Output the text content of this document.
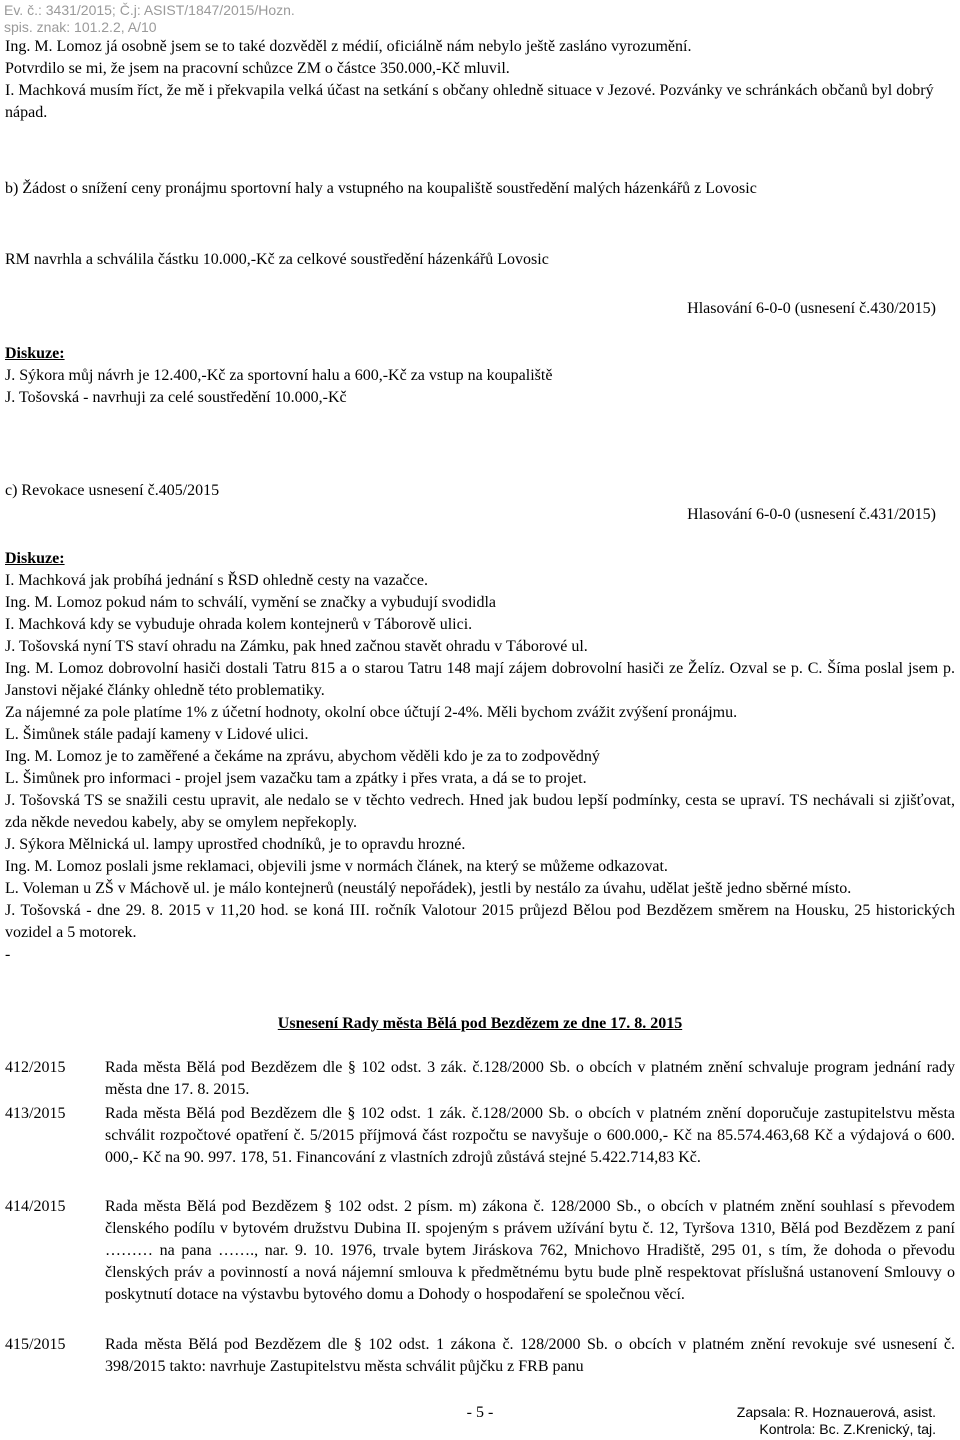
Ev. č.: 3431/2015; Č.j: ASIST/1847/2015/Hozn.
spis. znak: 101.2.2, A/10

Ing. M. Lomoz já osobně jsem se to také dozvěděl z médií, oficiálně nám nebylo ještě zasláno vyrozumění.

Potvrdilo se mi, že jsem na pracovní schůzce ZM o částce 350.000,-Kč mluvil.

I. Machková musím říct, že mě i překvapila velká účast na setkání s občany ohledně situace v Jezové. Pozvánky ve schránkách občanů byl dobrý nápad.

b) Žádost o snížení ceny pronájmu sportovní haly a vstupného na koupaliště soustředění malých házenkářů z Lovosic

RM navrhla a schválila částku 10.000,-Kč za celkové soustředění házenkářů Lovosic

Hlasování 6-0-0 (usnesení č.430/2015)

Diskuze:

J. Sýkora můj návrh je 12.400,-Kč za sportovní halu a 600,-Kč za vstup na koupaliště

J. Tošovská - navrhuji za celé soustředění 10.000,-Kč

c) Revokace usnesení č.405/2015

Hlasování 6-0-0 (usnesení č.431/2015)

Diskuze:

I. Machková jak probíhá jednání s ŘSD ohledně cesty na vazačce.

Ing. M. Lomoz pokud nám to schválí, vymění se značky a vybudují svodidla

I. Machková kdy se vybuduje ohrada kolem kontejnerů v Táborově ulici.

J. Tošovská nyní TS staví ohradu na Zámku, pak hned začnou stavět ohradu v Táborové ul.

Ing. M. Lomoz dobrovolní hasiči dostali Tatru 815 a o starou Tatru 148 mají zájem dobrovolní hasiči ze Želíz. Ozval se p. C. Šíma poslal jsem p. Janstovi nějaké články ohledně této problematiky.

Za nájemné za pole platíme 1% z účetní hodnoty, okolní obce účtují 2-4%. Měli bychom zvážit zvýšení pronájmu.

L. Šimůnek stále padají kameny v Lidové ulici.

Ing. M. Lomoz je to zaměřené a čekáme na zprávu, abychom věděli kdo je za to zodpovědný

L. Šimůnek pro informaci - projel jsem vazačku tam a zpátky i přes vrata, a dá se to projet.

J. Tošovská TS se snažili cestu upravit, ale nedalo se v těchto vedrech. Hned jak budou lepší podmínky, cesta se upraví. TS nechávali si zjišťovat, zda někde nevedou kabely, aby se omylem nepřekoply.

J. Sýkora Mělnická ul. lampy uprostřed chodníků, je to opravdu hrozné.

Ing. M. Lomoz poslali jsme reklamaci, objevili jsme v normách článek, na který se můžeme odkazovat.

L. Voleman u ZŠ v Máchově ul. je málo kontejnerů (neustálý nepořádek), jestli by nestálo za úvahu, udělat ještě jedno sběrné místo.

J. Tošovská - dne 29. 8. 2015 v 11,20 hod. se koná III. ročník Valotour 2015 průjezd Bělou pod Bezdězem směrem na Housku, 25 historických vozidel a 5 motorek.

-

Usnesení Rady města Bělá pod Bezdězem ze dne 17. 8. 2015
412/2015	Rada města Bělá pod Bezdězem dle § 102 odst. 3 zák. č.128/2000 Sb. o obcích v platném znění schvaluje program jednání rady města dne 17. 8. 2015.
413/2015	Rada města Bělá pod Bezdězem dle § 102 odst. 1 zák. č.128/2000 Sb. o obcích v platném znění doporučuje zastupitelstvu města schválit rozpočtové opatření č. 5/2015 příjmová část rozpočtu se navyšuje o 600.000,- Kč na 85.574.463,68 Kč a výdajová o 600. 000,- Kč na 90. 997. 178, 51. Financování z vlastních zdrojů zůstává stejné 5.422.714,83 Kč.
414/2015	Rada města Bělá pod Bezdězem § 102 odst. 2 písm. m) zákona č. 128/2000 Sb., o obcích v platném znění souhlasí s převodem členského podílu v bytovém družstvu Dubina II. spojeným s právem užívání bytu č. 12, Tyršova 1310, Bělá pod Bezdězem z paní ……… na pana ……., nar. 9. 10. 1976, trvale bytem Jiráskova 762, Mnichovo Hradiště, 295 01, s tím, že dohoda o převodu členských práv a povinností a nová nájemní smlouva k předmětnému bytu bude plně respektovat příslušná ustanovení Smlouvy o poskytnutí dotace na výstavbu bytového domu a Dohody o hospodaření se společnou věcí.
415/2015	Rada města Bělá pod Bezdězem dle § 102 odst. 1 zákona č. 128/2000 Sb. o obcích v platném znění revokuje své usnesení č. 398/2015 takto: navrhuje Zastupitelstvu města schválit půjčku z FRB panu
- 5 -	Zapsala: R. Hoznauerová, asist.
Kontrola: Bc. Z.Krenický, taj.
